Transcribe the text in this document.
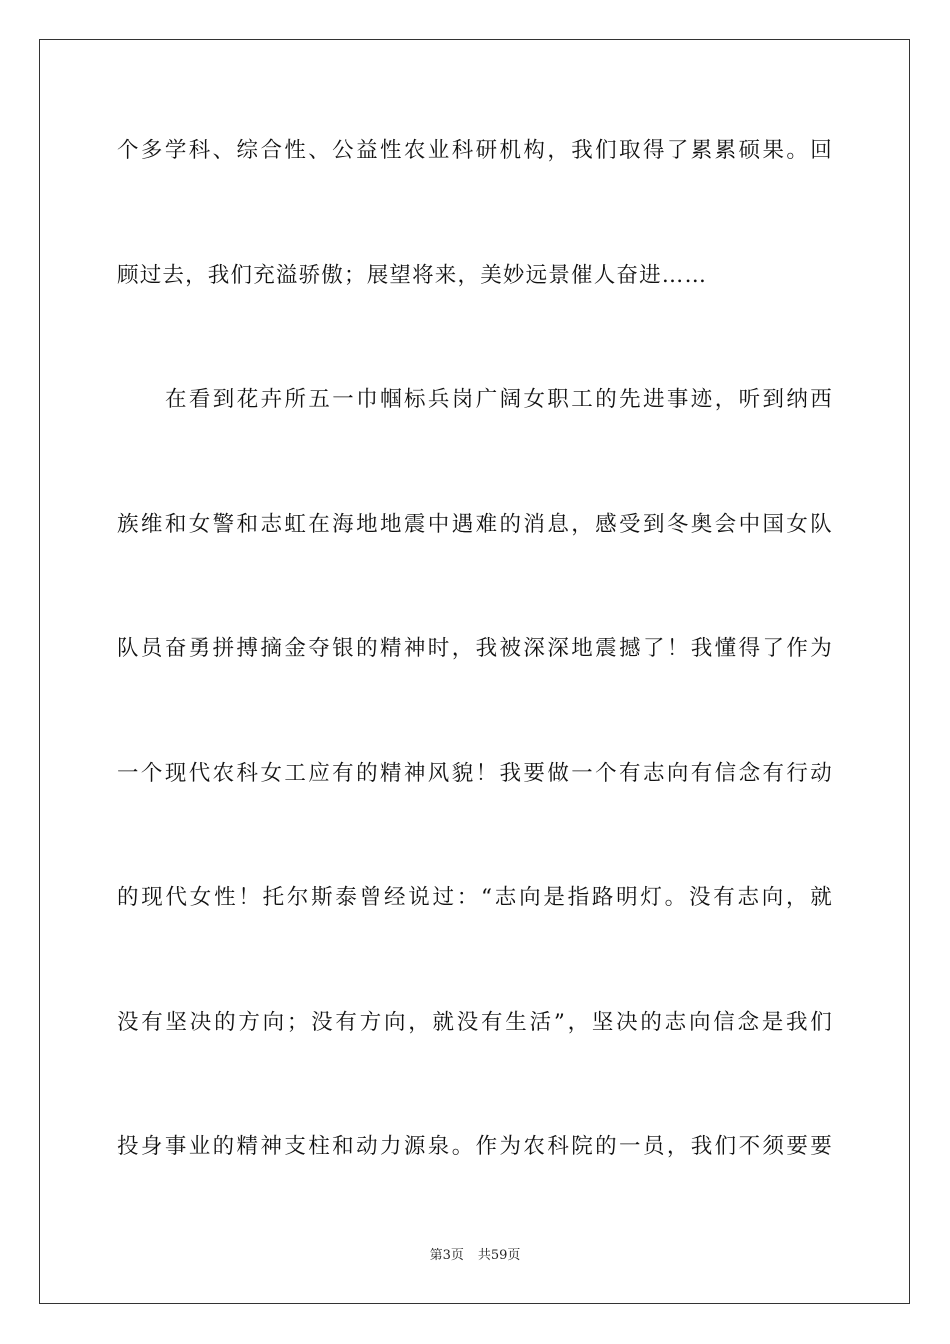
个多学科、综合性、公益性农业科研机构，我们取得了累累硕果。回
顾过去，我们充溢骄傲；展望将来，美妙远景催人奋进……
在看到花卉所五一巾帼标兵岗广阔女职工的先进事迹，听到纳西
族维和女警和志虹在海地地震中遇难的消息，感受到冬奥会中国女队
队员奋勇拼搏摘金夺银的精神时，我被深深地震撼了！我懂得了作为
一个现代农科女工应有的精神风貌！我要做一个有志向有信念有行动
的现代女性！托尔斯泰曾经说过：“志向是指路明灯。没有志向，就
没有坚决的方向；没有方向，就没有生活”，坚决的志向信念是我们
投身事业的精神支柱和动力源泉。作为农科院的一员，我们不须要要
第3页 共59页
